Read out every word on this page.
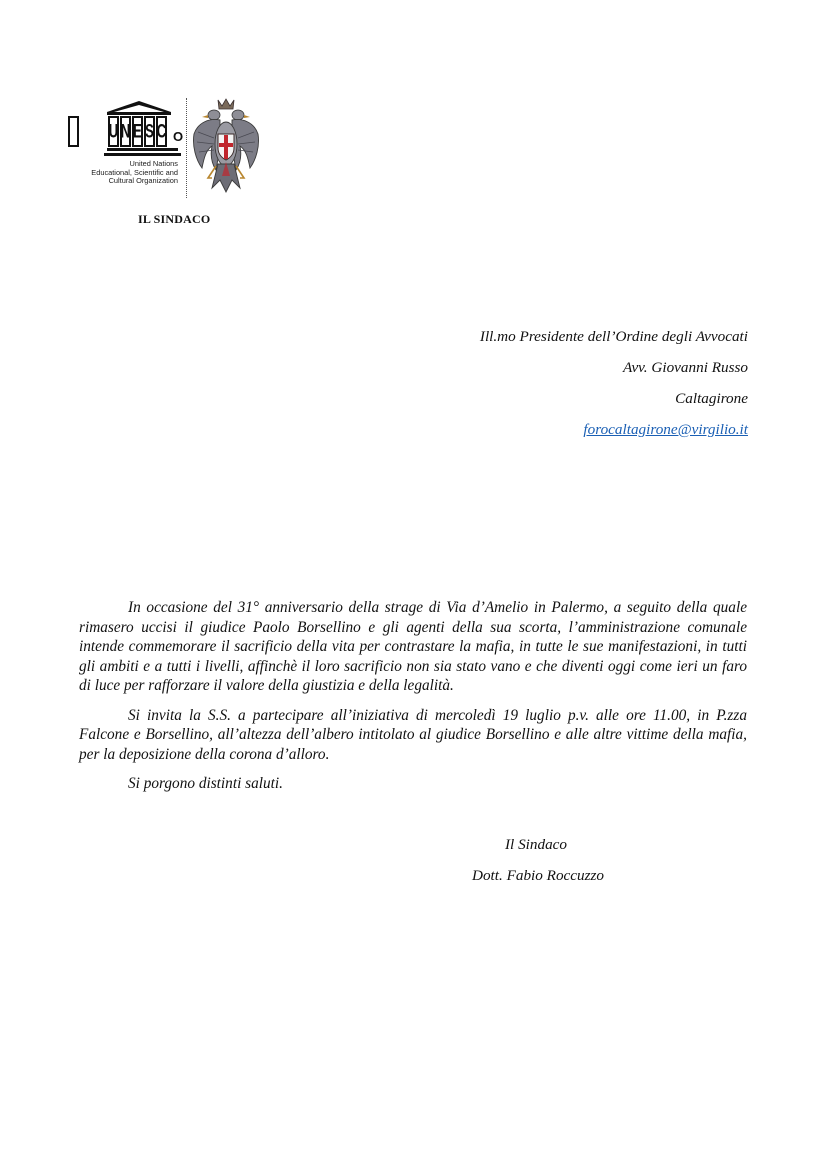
U N E S C O
United Nations
Educational, Scientific and
Cultural Organization
IL SINDACO
Ill.mo Presidente dell’Ordine degli Avvocati
Avv. Giovanni Russo
Caltagirone
forocaltagirone@virgilio.it

In occasione del 31° anniversario della strage di Via d’Amelio in Palermo, a seguito della quale rimasero uccisi il giudice Paolo Borsellino e gli agenti della sua scorta, l’amministrazione comunale intende commemorare il sacrificio della vita per contrastare la mafia, in tutte le sue manifestazioni, in tutti gli ambiti e a tutti i livelli, affinchè il loro sacrificio non sia stato vano e che diventi oggi come ieri un faro di luce per rafforzare il valore della giustizia e della legalità.

Si invita la S.S. a partecipare all’iniziativa di mercoledì 19 luglio p.v. alle ore 11.00, in P.zza Falcone e Borsellino, all’altezza dell’albero intitolato al giudice Borsellino e alle altre vittime della mafia, per la deposizione della corona d’alloro.

Si porgono distinti saluti.

Il Sindaco
Dott. Fabio Roccuzzo
